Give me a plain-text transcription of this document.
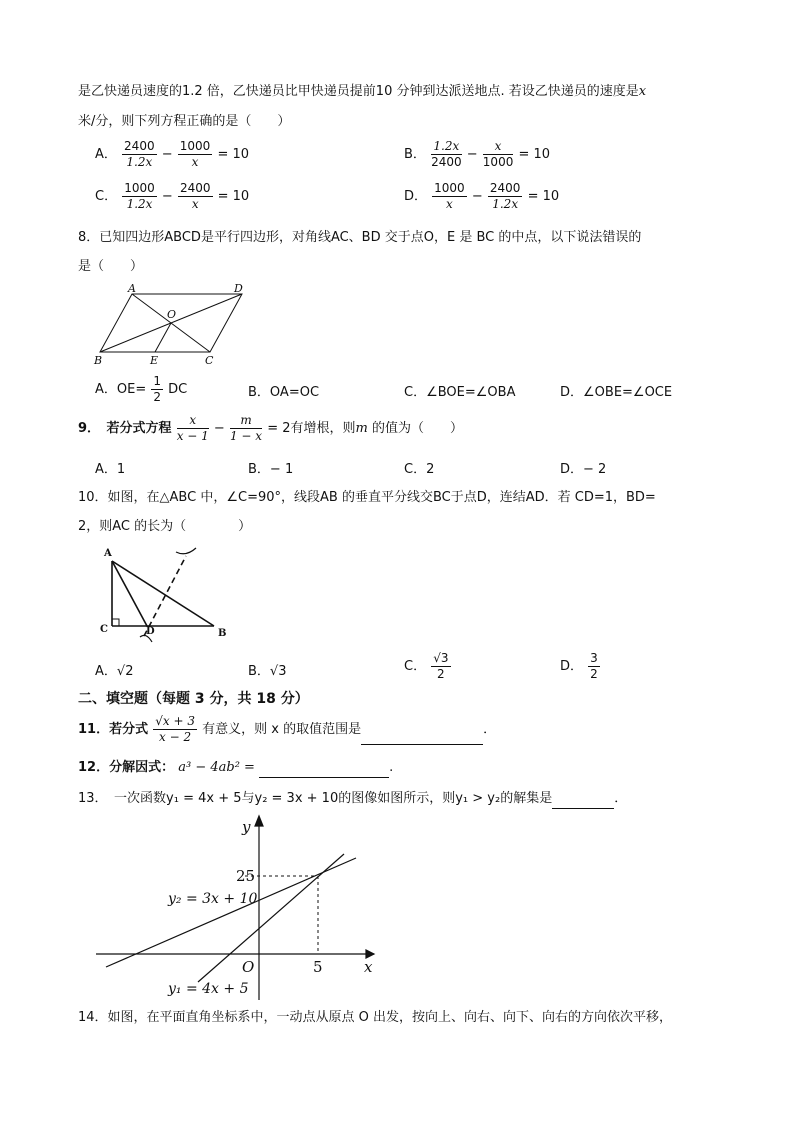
是乙快递员速度的1.2 倍，乙快递员比甲快递员提前10 分钟到达派送地点. 若设乙快递员的速度是x
米/分，则下列方程正确的是（　　）
A． $\frac{2400}{1.2x} - \frac{1000}{x} = 10$	B． $\frac{1.2x}{2400} - \frac{x}{1000} = 10$
C． $\frac{1000}{1.2x} - \frac{2400}{x} = 10$	D． $\frac{1000}{x} - \frac{2400}{1.2x} = 10$
8．已知四边形ABCD是平行四边形，对角线AC、BD 交于点O，E 是 BC 的中点，以下说法错误的
是（　　）
A	D
O
B	E	C
A．$OE= \frac{1}{2}$ DC	B．OA=OC	C．∠BOE=∠OBA	D．∠OBE=∠OCE
9．　若分式方程 $\frac{x}{x - 1} - \frac{m}{1 - x} = 2$有增根，则m 的值为（　　）
A．1	B．− 1	C．2	D．− 2
10．如图，在△ABC 中，∠C=90°，线段AB 的垂直平分线交BC于点D，连结AD．若 CD=1，BD=
2，则AC 的长为（　　　　）
A
C	D	B
A．√2	B．√3	C． $\frac{√3}{2}$	D． $\frac{3}{2}$
二、填空题（每题 3 分，共 18 分）
11．若分式 $\frac{√x + 3}{x - 2}$ 有意义，则 x 的取值范围是	．
12．分解因式： a³ − 4ab² =	.
13．　一次函数y₁ = 4x + 5与y₂ = 3x + 10的图像如图所示，则y₁ > y₂的解集是	．
y
x
O
25
5
y₂ = 3x + 10
y₁ = 4x + 5
14．如图，在平面直角坐标系中，一动点从原点 O 出发，按向上、向右、向下、向右的方向依次平移，
